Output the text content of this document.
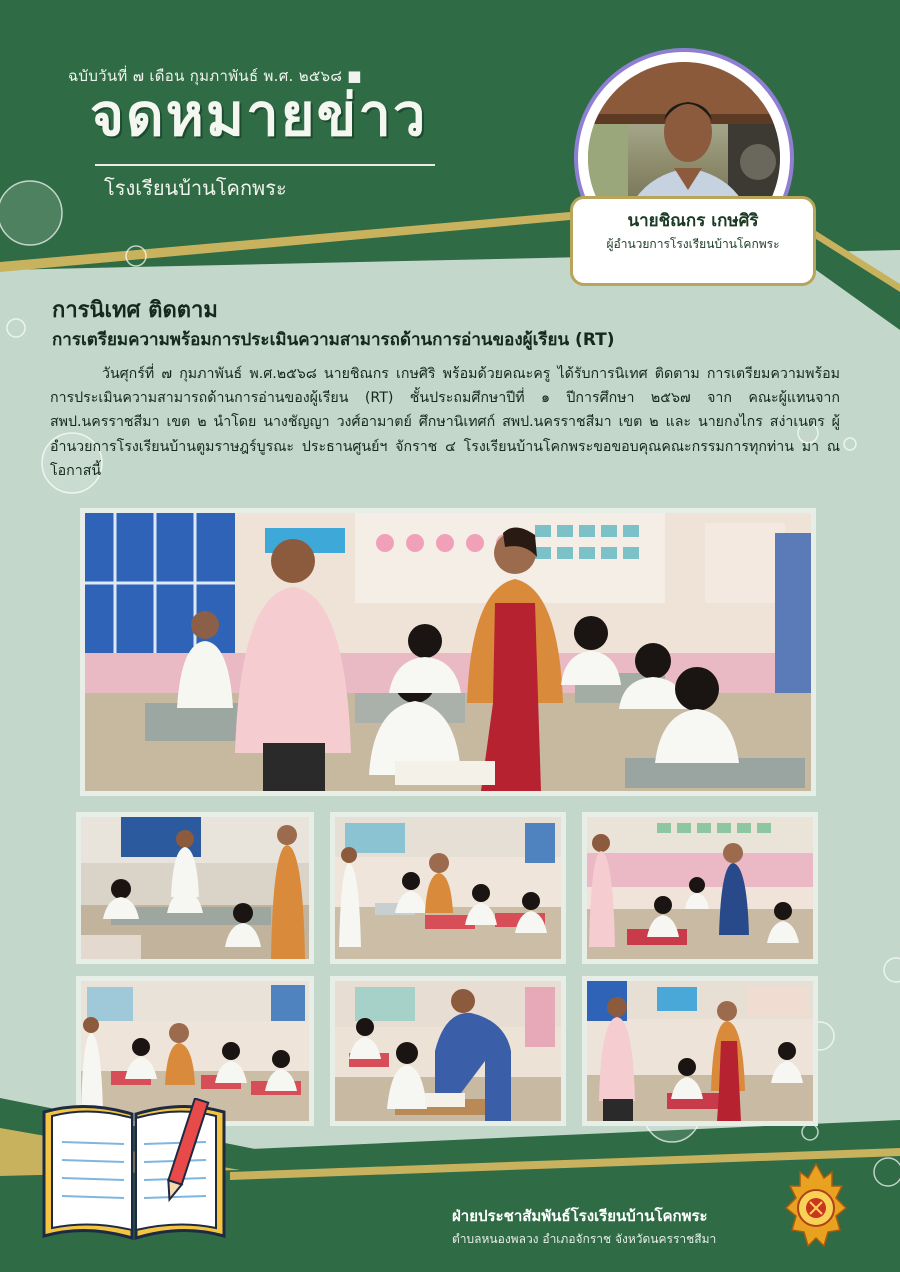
ฉบับวันที่ ๗ เดือน กุมภาพันธ์ พ.ศ. ๒๕๖๘ ■
จดหมายข่าว
โรงเรียนบ้านโคกพระ
นายชิณกร เกษศิริ
ผู้อำนวยการโรงเรียนบ้านโคกพระ
การนิเทศ ติดตาม
การเตรียมความพร้อมการประเมินความสามารถด้านการอ่านของผู้เรียน (RT)
วันศุกร์ที่ ๗ กุมภาพันธ์ พ.ศ.๒๕๖๘ นายชิณกร เกษศิริ พร้อมด้วยคณะครู ได้รับการนิเทศ ติดตาม การเตรียมความพร้อมการประเมินความสามารถด้านการอ่านของผู้เรียน (RT) ชั้นประถมศึกษาปีที่ ๑ ปีการศึกษา ๒๕๖๗ จาก คณะผู้แทนจาก สพป.นครราชสีมา เขต ๒ นำโดย นางชัญญา วงศ์อามาตย์ ศึกษานิเทศก์ สพป.นครราชสีมา เขต ๒ และ นายกงไกร สง่าเนตร ผู้อำนวยการโรงเรียนบ้านตูมราษฎร์บูรณะ ประธานศูนย์ฯ จักราช ๔ โรงเรียนบ้านโคกพระขอขอบคุณคณะกรรมการทุกท่าน มา ณ โอกาสนี้
ฝ่ายประชาสัมพันธ์โรงเรียนบ้านโคกพระ
ตำบลหนองพลวง อำเภอจักราช จังหวัดนครราชสีมา
